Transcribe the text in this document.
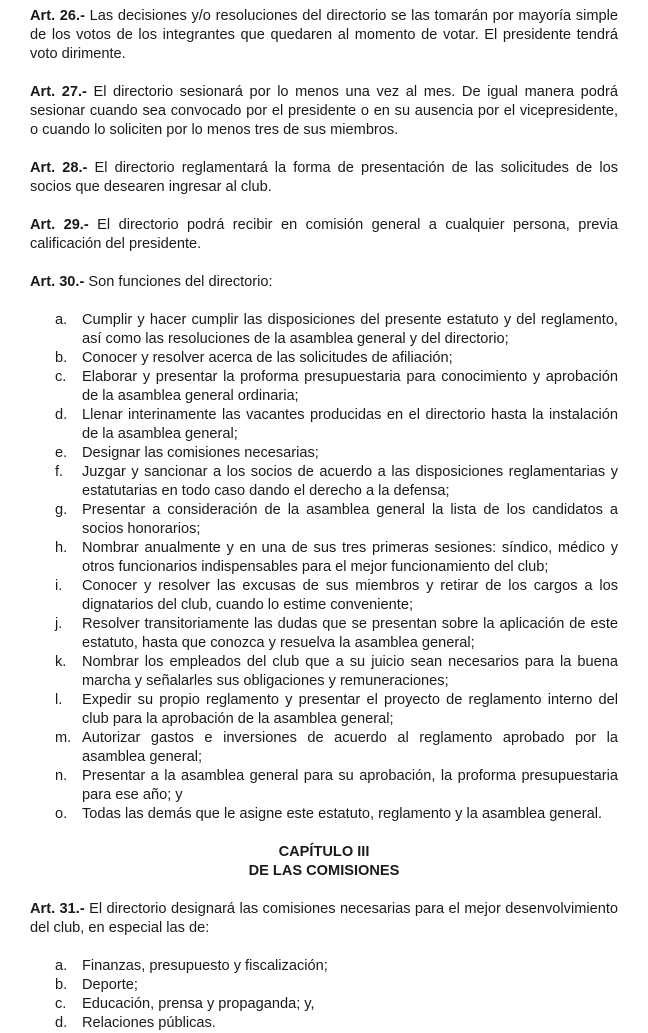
Art. 26.- Las decisiones y/o resoluciones del directorio se las tomarán por mayoría simple de los votos de los integrantes que quedaren al momento de votar. El presidente tendrá voto dirimente.

Art. 27.- El directorio sesionará por lo menos una vez al mes. De igual manera podrá sesionar cuando sea convocado por el presidente o en su ausencia por el vicepresidente, o cuando lo soliciten por lo menos tres de sus miembros.

Art. 28.- El directorio reglamentará la forma de presentación de las solicitudes de los socios que desearen ingresar al club.

Art. 29.- El directorio podrá recibir en comisión general a cualquier persona, previa calificación del presidente.

Art. 30.- Son funciones del directorio:

a. Cumplir y hacer cumplir las disposiciones del presente estatuto y del reglamento, así como las resoluciones de la asamblea general y del directorio;
b. Conocer y resolver acerca de las solicitudes de afiliación;
c. Elaborar y presentar la proforma presupuestaria para conocimiento y aprobación de la asamblea general ordinaria;
d. Llenar interinamente las vacantes producidas en el directorio hasta la instalación de la asamblea general;
e. Designar las comisiones necesarias;
f. Juzgar y sancionar a los socios de acuerdo a las disposiciones reglamentarias y estatutarias en todo caso dando el derecho a la defensa;
g. Presentar a consideración de la asamblea general la lista de los candidatos a socios honorarios;
h. Nombrar anualmente y en una de sus tres primeras sesiones: síndico, médico y otros funcionarios indispensables para el mejor funcionamiento del club;
i. Conocer y resolver las excusas de sus miembros y retirar de los cargos a los dignatarios del club, cuando lo estime conveniente;
j. Resolver transitoriamente las dudas que se presentan sobre la aplicación de este estatuto, hasta que conozca y resuelva la asamblea general;
k. Nombrar los empleados del club que a su juicio sean necesarios para la buena marcha y señalarles sus obligaciones y remuneraciones;
l. Expedir su propio reglamento y presentar el proyecto de reglamento interno del club para la aprobación de la asamblea general;
m. Autorizar gastos e inversiones de acuerdo al reglamento aprobado por la asamblea general;
n. Presentar a la asamblea general para su aprobación, la proforma presupuestaria para ese año; y
o. Todas las demás que le asigne este estatuto, reglamento y la asamblea general.

CAPÍTULO III

DE LAS COMISIONES

Art. 31.- El directorio designará las comisiones necesarias para el mejor desenvolvimiento del club, en especial las de:

a. Finanzas, presupuesto y fiscalización;
b. Deporte;
c. Educación, prensa y propaganda; y,
d. Relaciones públicas.
